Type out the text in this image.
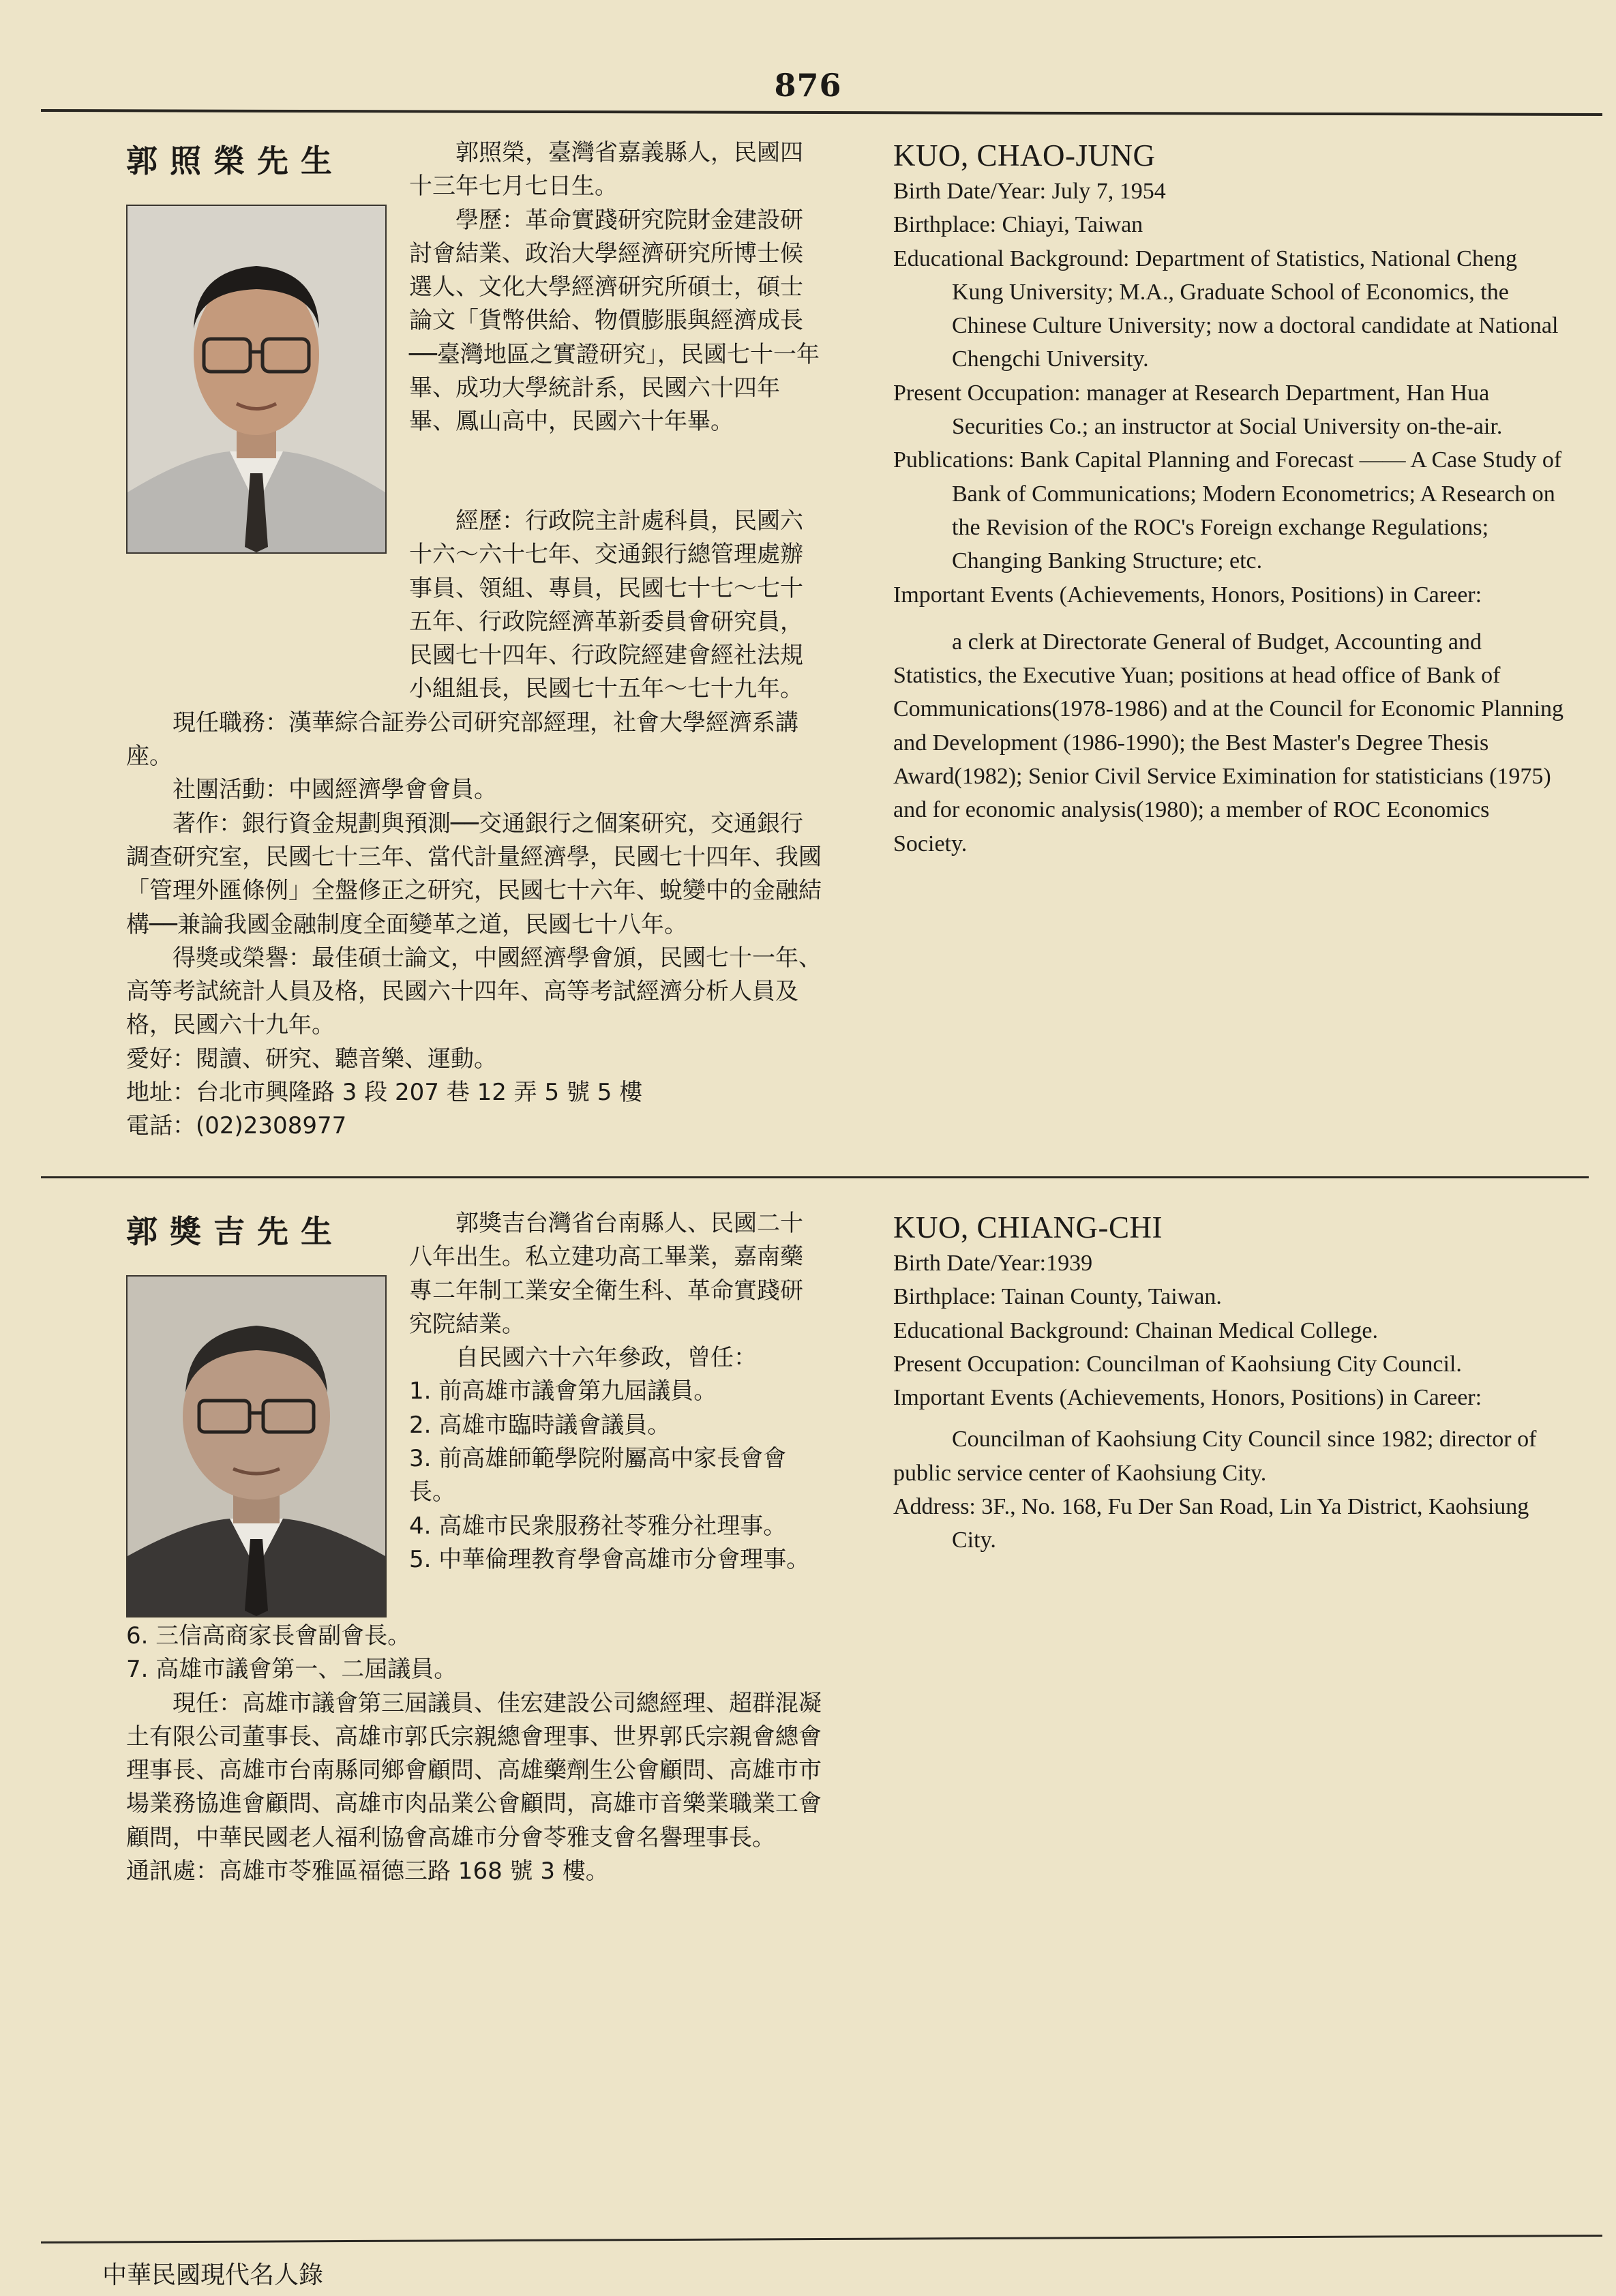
876
郭照榮先生	郭照榮，臺灣省嘉義縣人，民國四十三年七月七日生。

學歷：革命實踐研究院財金建設研討會結業、政治大學經濟研究所博士候選人、文化大學經濟研究所碩士，碩士論文「貨幣供給、物價膨脹與經濟成長──臺灣地區之實證研究」，民國七十一年畢、成功大學統計系，民國六十四年畢、鳳山高中，民國六十年畢。

經歷：行政院主計處科員，民國六十六～六十七年、交通銀行總管理處辦事員、領組、專員，民國七十七～七十五年、行政院經濟革新委員會研究員，民國七十四年、行政院經建會經社法規小組組長，民國七十五年～七十九年。

現任職務：漢華綜合証券公司研究部經理，社會大學經濟系講座。

社團活動：中國經濟學會會員。

著作：銀行資金規劃與預測──交通銀行之個案研究，交通銀行調查研究室，民國七十三年、當代計量經濟學，民國七十四年、我國「管理外匯條例」全盤修正之研究，民國七十六年、蛻變中的金融結構──兼論我國金融制度全面變革之道，民國七十八年。

得獎或榮譽：最佳碩士論文，中國經濟學會頒，民國七十一年、高等考試統計人員及格，民國六十四年、高等考試經濟分析人員及格，民國六十九年。

愛好：閱讀、研究、聽音樂、運動。

地址：台北市興隆路 3 段 207 巷 12 弄 5 號 5 樓

電話：(02)2308977

KUO, CHAO-JUNG

Birth Date/Year: July 7, 1954

Birthplace: Chiayi, Taiwan

Educational Background: Department of Statistics, National Cheng Kung University; M.A., Graduate School of Economics, the Chinese Culture University; now a doctoral candidate at National Chengchi University.

Present Occupation: manager at Research Department, Han Hua Securities Co.; an instructor at Social University on-the-air.

Publications: Bank Capital Planning and Forecast —— A Case Study of Bank of Communications; Modern Econometrics; A Research on the Revision of the ROC's Foreign exchange Regulations; Changing Banking Structure; etc.

Important Events (Achievements, Honors, Positions) in Career:

a clerk at Directorate General of Budget, Accounting and Statistics, the Executive Yuan; positions at head office of Bank of Communications(1978-1986) and at the Council for Economic Planning and Development (1986-1990); the Best Master's Degree Thesis Award(1982); Senior Civil Service Eximination for statisticians (1975) and for economic analysis(1980); a member of ROC Economics Society.

郭獎吉先生	郭獎吉台灣省台南縣人、民國二十八年出生。私立建功高工畢業，嘉南藥專二年制工業安全衛生科、革命實踐研究院結業。

自民國六十六年參政，曾任：

1. 前高雄市議會第九屆議員。

2. 高雄市臨時議會議員。

3. 前高雄師範學院附屬高中家長會會長。

4. 高雄市民衆服務社苓雅分社理事。

5. 中華倫理教育學會高雄市分會理事。

6. 三信高商家長會副會長。

7. 高雄市議會第一、二屆議員。

現任：高雄市議會第三屆議員、佳宏建設公司總經理、超群混凝土有限公司董事長、高雄市郭氏宗親總會理事、世界郭氏宗親會總會理事長、高雄市台南縣同鄉會顧問、高雄藥劑生公會顧問、高雄市市場業務協進會顧問、高雄市肉品業公會顧問，高雄市音樂業職業工會顧問，中華民國老人福利協會高雄市分會苓雅支會名譽理事長。

通訊處：高雄市苓雅區福德三路 168 號 3 樓。

KUO, CHIANG-CHI

Birth Date/Year:1939

Birthplace: Tainan County, Taiwan.

Educational Background: Chainan Medical College.

Present Occupation: Councilman of Kaohsiung City Council.

Important Events (Achievements, Honors, Positions) in Career:

Councilman of Kaohsiung City Council since 1982; director of public service center of Kaohsiung City.

Address: 3F., No. 168, Fu Der San Road, Lin Ya District, Kaohsiung City.

中華民國現代名人錄
